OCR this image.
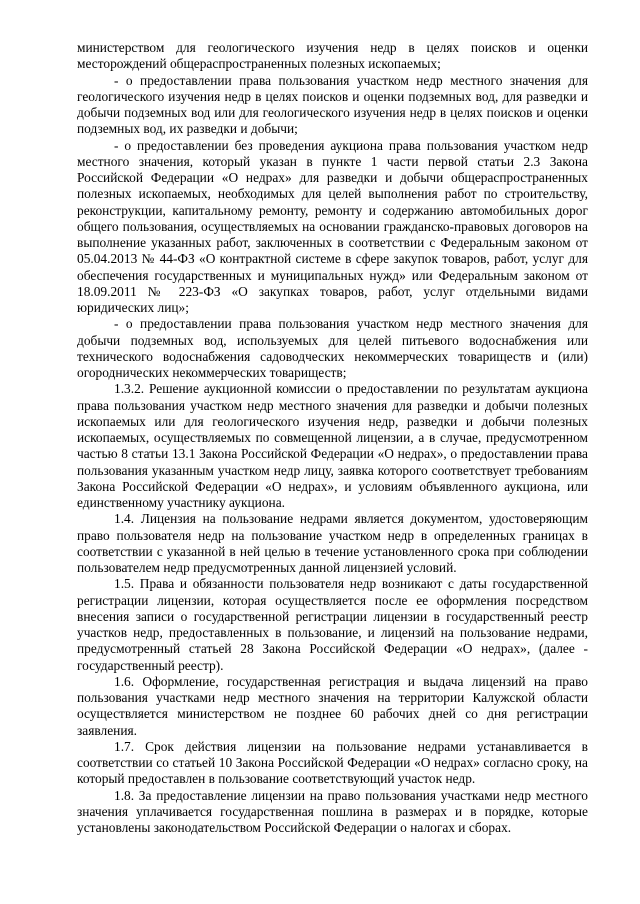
министерством для геологического изучения недр в целях поисков и оценки месторождений общераспространенных полезных ископаемых;

- о предоставлении права пользования участком недр местного значения для геологического изучения недр в целях поисков и оценки подземных вод, для разведки и добычи подземных вод или для геологического изучения недр в целях поисков и оценки подземных вод, их разведки и добычи;

- о предоставлении без проведения аукциона права пользования участком недр местного значения, который указан в пункте 1 части первой статьи 2.3 Закона Российской Федерации «О недрах» для разведки и добычи общераспространенных полезных ископаемых, необходимых для целей выполнения работ по строительству, реконструкции, капитальному ремонту, ремонту и содержанию автомобильных дорог общего пользования, осуществляемых на основании гражданско-правовых договоров на выполнение указанных работ, заключенных в соответствии с Федеральным законом от 05.04.2013 № 44-ФЗ «О контрактной системе в сфере закупок товаров, работ, услуг для обеспечения государственных и муниципальных нужд» или Федеральным законом от 18.09.2011 № 223-ФЗ «О закупках товаров, работ, услуг отдельными видами юридических лиц»;

- о предоставлении права пользования участком недр местного значения для добычи подземных вод, используемых для целей питьевого водоснабжения или технического водоснабжения садоводческих некоммерческих товариществ и (или) огороднических некоммерческих товариществ;

1.3.2. Решение аукционной комиссии о предоставлении по результатам аукциона права пользования участком недр местного значения для разведки и добычи полезных ископаемых или для геологического изучения недр, разведки и добычи полезных ископаемых, осуществляемых по совмещенной лицензии, а в случае, предусмотренном частью 8 статьи 13.1 Закона Российской Федерации «О недрах», о предоставлении права пользования указанным участком недр лицу, заявка которого соответствует требованиям Закона Российской Федерации «О недрах», и условиям объявленного аукциона, или единственному участнику аукциона.

1.4. Лицензия на пользование недрами является документом, удостоверяющим право пользователя недр на пользование участком недр в определенных границах в соответствии с указанной в ней целью в течение установленного срока при соблюдении пользователем недр предусмотренных данной лицензией условий.

1.5. Права и обязанности пользователя недр возникают с даты государственной регистрации лицензии, которая осуществляется после ее оформления посредством внесения записи о государственной регистрации лицензии в государственный реестр участков недр, предоставленных в пользование, и лицензий на пользование недрами, предусмотренный статьей 28 Закона Российской Федерации «О недрах», (далее - государственный реестр).

1.6. Оформление, государственная регистрация и выдача лицензий на право пользования участками недр местного значения на территории Калужской области осуществляется министерством не позднее 60 рабочих дней со дня регистрации заявления.

1.7. Срок действия лицензии на пользование недрами устанавливается в соответствии со статьей 10 Закона Российской Федерации «О недрах» согласно сроку, на который предоставлен в пользование соответствующий участок недр.

1.8. За предоставление лицензии на право пользования участками недр местного значения уплачивается государственная пошлина в размерах и в порядке, которые установлены законодательством Российской Федерации о налогах и сборах.
